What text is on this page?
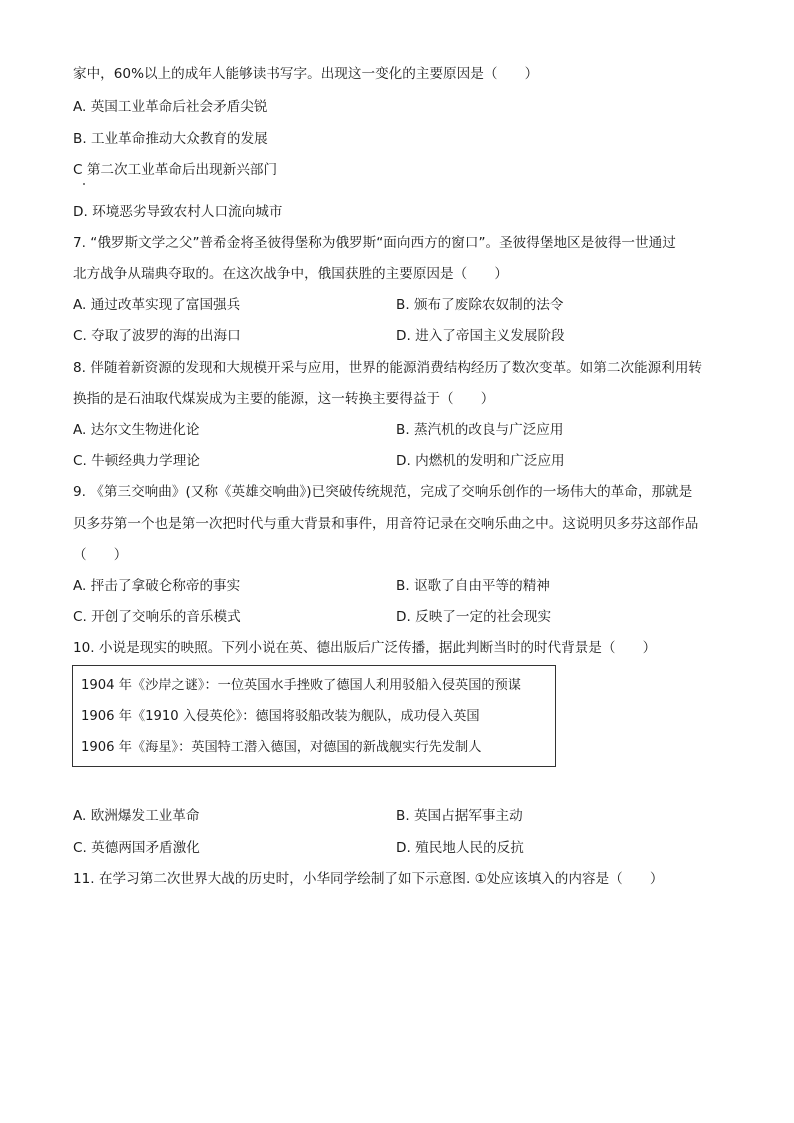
家中，60%以上的成年人能够读书写字。出现这一变化的主要原因是（　　）
A. 英国工业革命后社会矛盾尖锐
B. 工业革命推动大众教育的发展
C 第二次工业革命后出现新兴部门
D. 环境恶劣导致农村人口流向城市
7. “俄罗斯文学之父”普希金将圣彼得堡称为俄罗斯“面向西方的窗口”。圣彼得堡地区是彼得一世通过
北方战争从瑞典夺取的。在这次战争中，俄国获胜的主要原因是（　　）
A. 通过改革实现了富国强兵	B. 颁布了废除农奴制的法令
C. 夺取了波罗的海的出海口	D. 进入了帝国主义发展阶段
8. 伴随着新资源的发现和大规模开采与应用，世界的能源消费结构经历了数次变革。如第二次能源利用转
换指的是石油取代煤炭成为主要的能源，这一转换主要得益于（　　）
A. 达尔文生物进化论	B. 蒸汽机的改良与广泛应用
C. 牛顿经典力学理论	D. 内燃机的发明和广泛应用
9. 《第三交响曲》(又称《英雄交响曲》)已突破传统规范，完成了交响乐创作的一场伟大的革命，那就是
贝多芬第一个也是第一次把时代与重大背景和事件，用音符记录在交响乐曲之中。这说明贝多芬这部作品
（　　）
A. 抨击了拿破仑称帝的事实	B. 讴歌了自由平等的精神
C. 开创了交响乐的音乐模式	D. 反映了一定的社会现实
10. 小说是现实的映照。下列小说在英、德出版后广泛传播，据此判断当时的时代背景是（　　）
1904 年《沙岸之谜》：一位英国水手挫败了德国人利用驳船入侵英国的预谋
1906 年《1910 入侵英伦》：德国将驳船改装为舰队，成功侵入英国
1906 年《海星》：英国特工潜入德国，对德国的新战舰实行先发制人
A. 欧洲爆发工业革命	B. 英国占据军事主动
C. 英德两国矛盾激化	D. 殖民地人民的反抗
11. 在学习第二次世界大战的历史时，小华同学绘制了如下示意图. ①处应该填入的内容是（　　）
